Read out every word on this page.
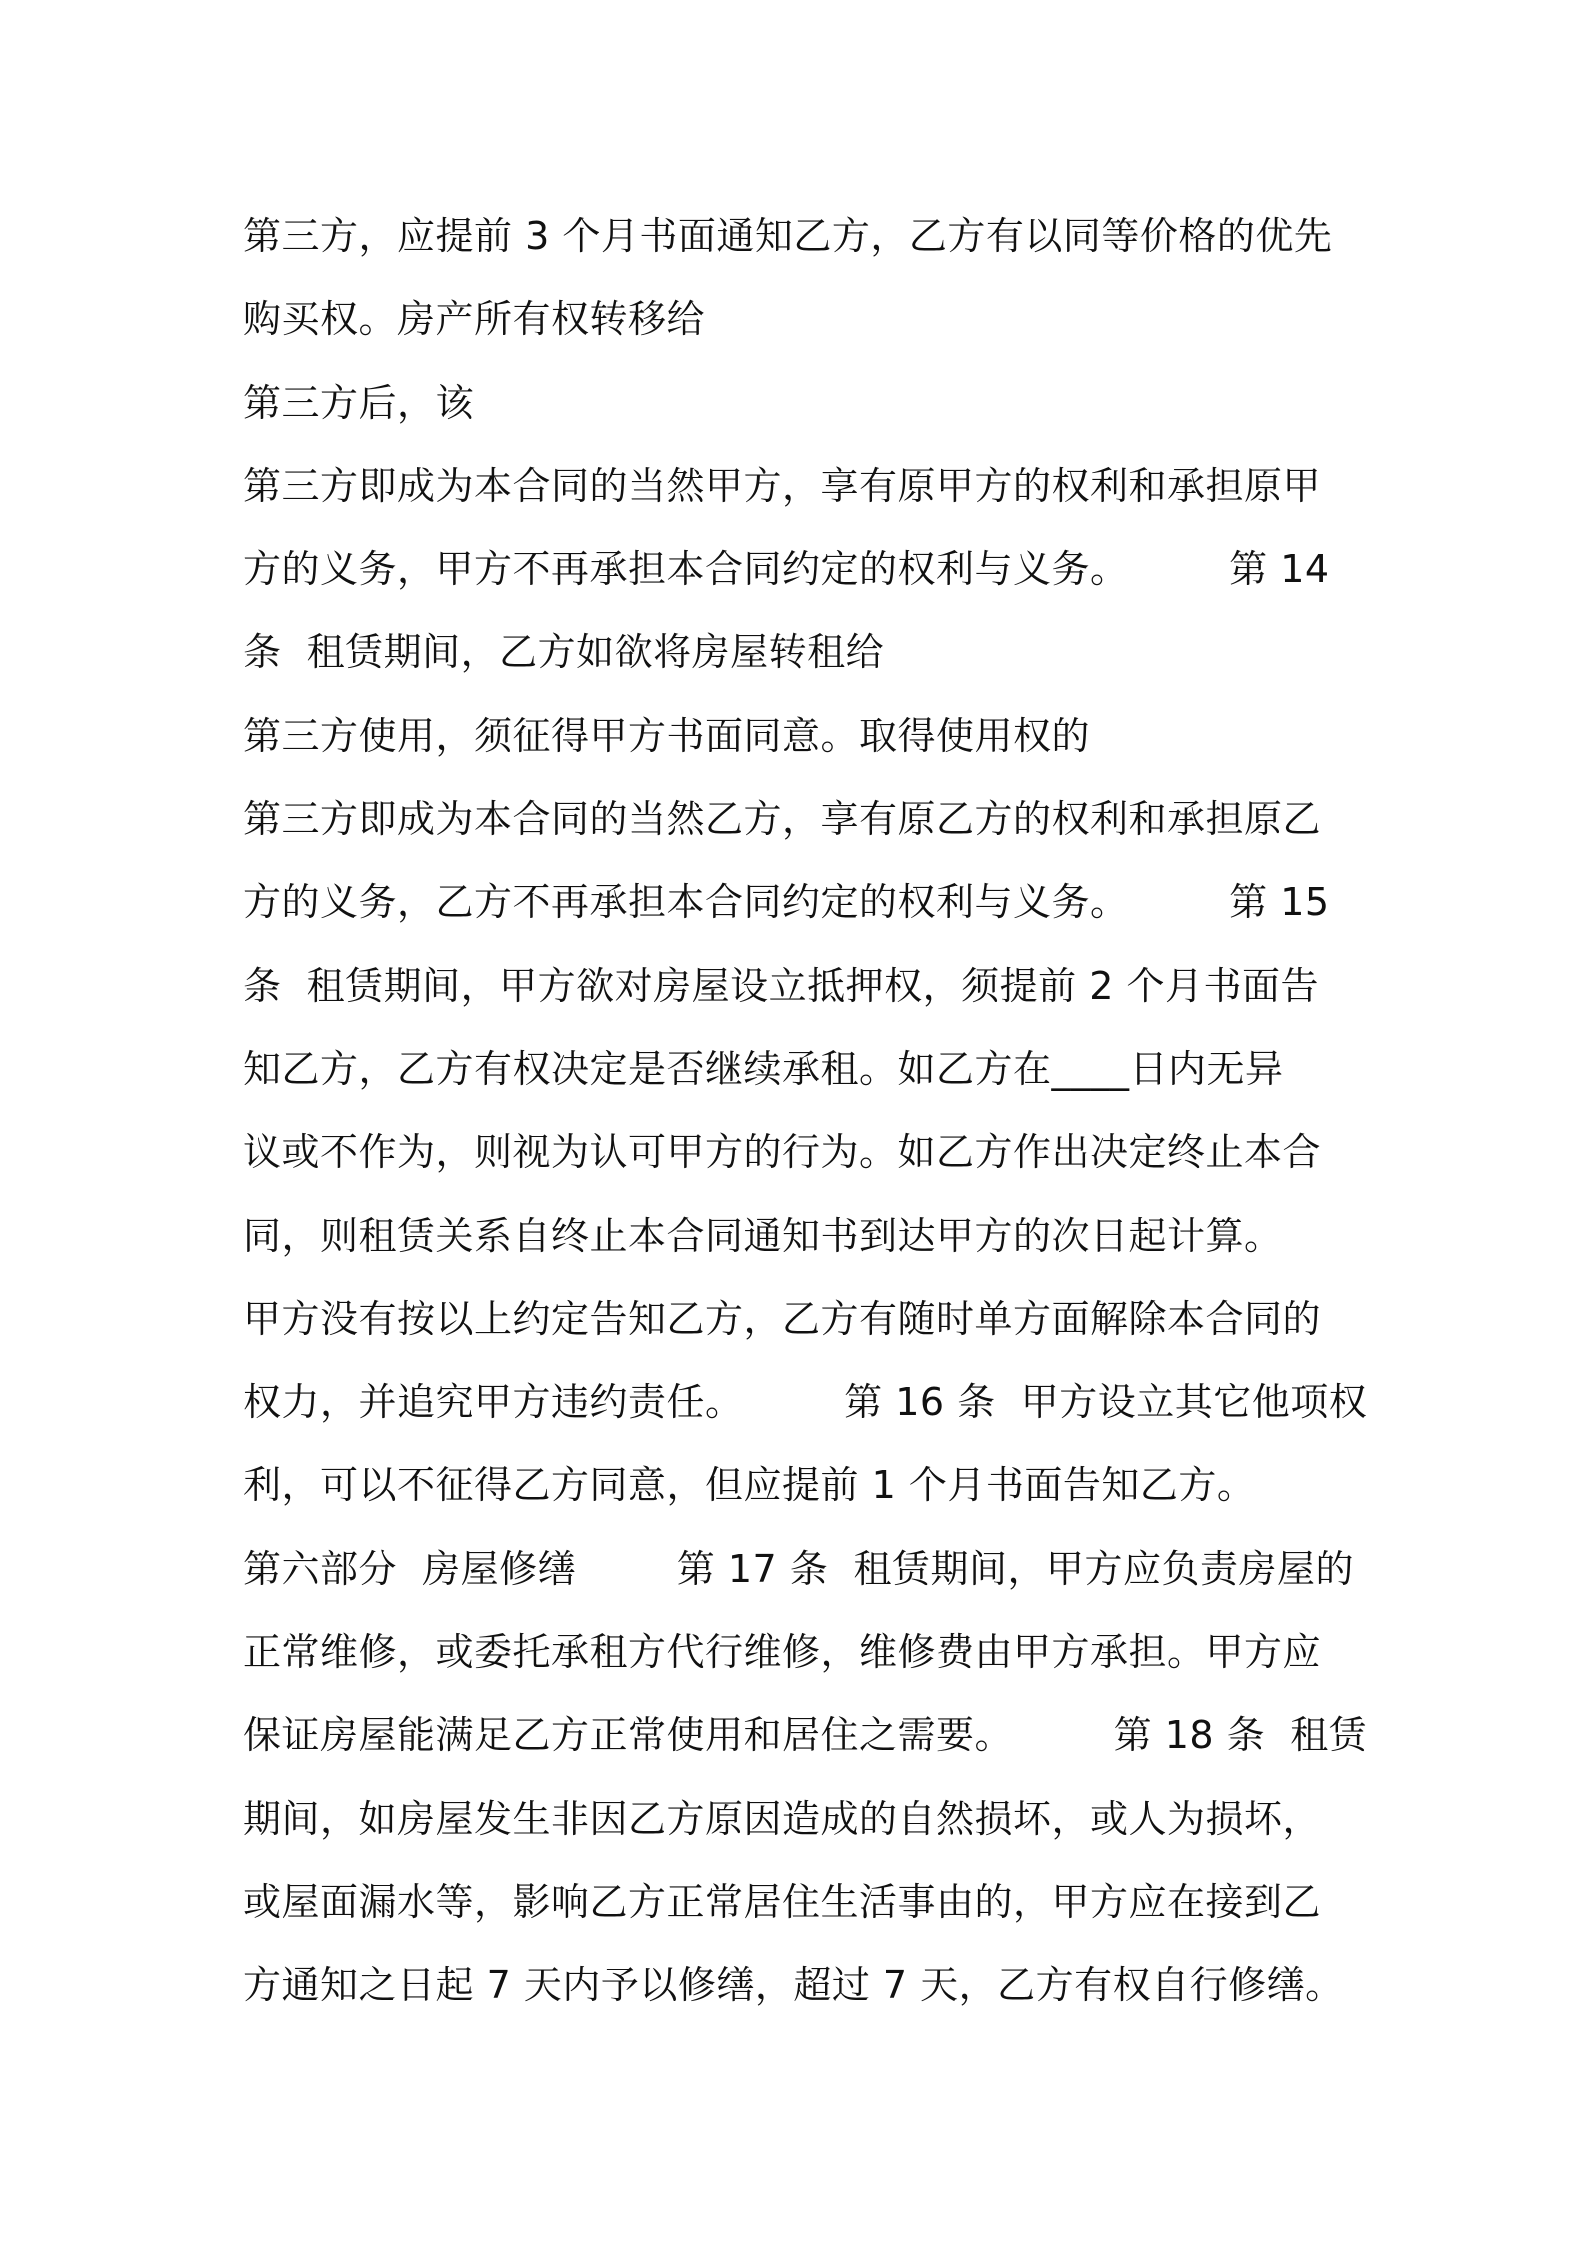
第三方，应提前 3 个月书面通知乙方，乙方有以同等价格的优先
购买权。房产所有权转移给
第三方后，该
第三方即成为本合同的当然甲方，享有原甲方的权利和承担原甲
方的义务，甲方不再承担本合同约定的权利与义务。        第 14
条  租赁期间，乙方如欲将房屋转租给
第三方使用，须征得甲方书面同意。取得使用权的
第三方即成为本合同的当然乙方，享有原乙方的权利和承担原乙
方的义务，乙方不再承担本合同约定的权利与义务。        第 15
条  租赁期间，甲方欲对房屋设立抵押权，须提前 2 个月书面告
知乙方，乙方有权决定是否继续承租。如乙方在____日内无异
议或不作为，则视为认可甲方的行为。如乙方作出决定终止本合
同，则租赁关系自终止本合同通知书到达甲方的次日起计算。
甲方没有按以上约定告知乙方，乙方有随时单方面解除本合同的
权力，并追究甲方违约责任。        第 16 条  甲方设立其它他项权
利，可以不征得乙方同意，但应提前 1 个月书面告知乙方。
第六部分  房屋修缮        第 17 条  租赁期间，甲方应负责房屋的
正常维修，或委托承租方代行维修，维修费由甲方承担。甲方应
保证房屋能满足乙方正常使用和居住之需要。        第 18 条  租赁
期间，如房屋发生非因乙方原因造成的自然损坏，或人为损坏，
或屋面漏水等，影响乙方正常居住生活事由的，甲方应在接到乙
方通知之日起 7 天内予以修缮，超过 7 天，乙方有权自行修缮。
